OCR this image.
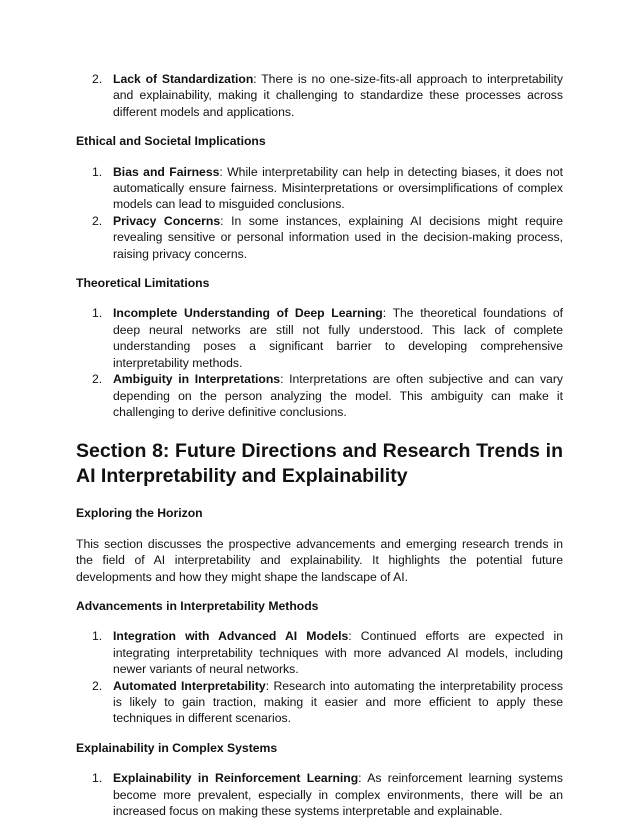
2. Lack of Standardization: There is no one-size-fits-all approach to interpretability and explainability, making it challenging to standardize these processes across different models and applications.

Ethical and Societal Implications

1. Bias and Fairness: While interpretability can help in detecting biases, it does not automatically ensure fairness. Misinterpretations or oversimplifications of complex models can lead to misguided conclusions.
2. Privacy Concerns: In some instances, explaining AI decisions might require revealing sensitive or personal information used in the decision-making process, raising privacy concerns.

Theoretical Limitations

1. Incomplete Understanding of Deep Learning: The theoretical foundations of deep neural networks are still not fully understood. This lack of complete understanding poses a significant barrier to developing comprehensive interpretability methods.
2. Ambiguity in Interpretations: Interpretations are often subjective and can vary depending on the person analyzing the model. This ambiguity can make it challenging to derive definitive conclusions.
Section 8: Future Directions and Research Trends in AI Interpretability and Explainability

Exploring the Horizon

This section discusses the prospective advancements and emerging research trends in the field of AI interpretability and explainability. It highlights the potential future developments and how they might shape the landscape of AI.

Advancements in Interpretability Methods

1. Integration with Advanced AI Models: Continued efforts are expected in integrating interpretability techniques with more advanced AI models, including newer variants of neural networks.
2. Automated Interpretability: Research into automating the interpretability process is likely to gain traction, making it easier and more efficient to apply these techniques in different scenarios.

Explainability in Complex Systems

1. Explainability in Reinforcement Learning: As reinforcement learning systems become more prevalent, especially in complex environments, there will be an increased focus on making these systems interpretable and explainable.
